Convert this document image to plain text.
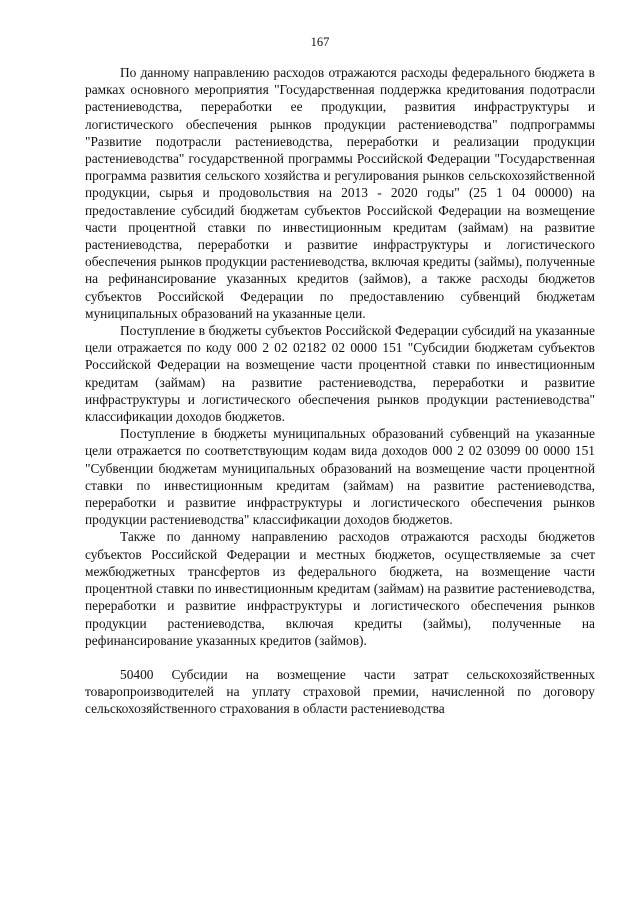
167

По данному направлению расходов отражаются расходы федерального бюджета в рамках основного мероприятия "Государственная поддержка кредитования подотрасли растениеводства, переработки ее продукции, развития инфраструктуры и логистического обеспечения рынков продукции растениеводства" подпрограммы "Развитие подотрасли растениеводства, переработки и реализации продукции растениеводства" государственной программы Российской Федерации "Государственная программа развития сельского хозяйства и регулирования рынков сельскохозяйственной продукции, сырья и продовольствия на 2013 - 2020 годы" (25 1 04 00000) на предоставление субсидий бюджетам субъектов Российской Федерации на возмещение части процентной ставки по инвестиционным кредитам (займам) на развитие растениеводства, переработки и развитие инфраструктуры и логистического обеспечения рынков продукции растениеводства, включая кредиты (займы), полученные на рефинансирование указанных кредитов (займов), а также расходы бюджетов субъектов Российской Федерации по предоставлению субвенций бюджетам муниципальных образований на указанные цели.

Поступление в бюджеты субъектов Российской Федерации субсидий на указанные цели отражается по коду 000 2 02 02182 02 0000 151 "Субсидии бюджетам субъектов Российской Федерации на возмещение части процентной ставки по инвестиционным кредитам (займам) на развитие растениеводства, переработки и развитие инфраструктуры и логистического обеспечения рынков продукции растениеводства" классификации доходов бюджетов.

Поступление в бюджеты муниципальных образований субвенций на указанные цели отражается по соответствующим кодам вида доходов 000 2 02 03099 00 0000 151 "Субвенции бюджетам муниципальных образований на возмещение части процентной ставки по инвестиционным кредитам (займам) на развитие растениеводства, переработки и развитие инфраструктуры и логистического обеспечения рынков продукции растениеводства" классификации доходов бюджетов.

Также по данному направлению расходов отражаются расходы бюджетов субъектов Российской Федерации и местных бюджетов, осуществляемые за счет межбюджетных трансфертов из федерального бюджета, на возмещение части процентной ставки по инвестиционным кредитам (займам) на развитие растениеводства, переработки и развитие инфраструктуры и логистического обеспечения рынков продукции растениеводства, включая кредиты (займы), полученные на рефинансирование указанных кредитов (займов).

50400 Субсидии на возмещение части затрат сельскохозяйственных товаропроизводителей на уплату страховой премии, начисленной по договору сельскохозяйственного страхования в области растениеводства
